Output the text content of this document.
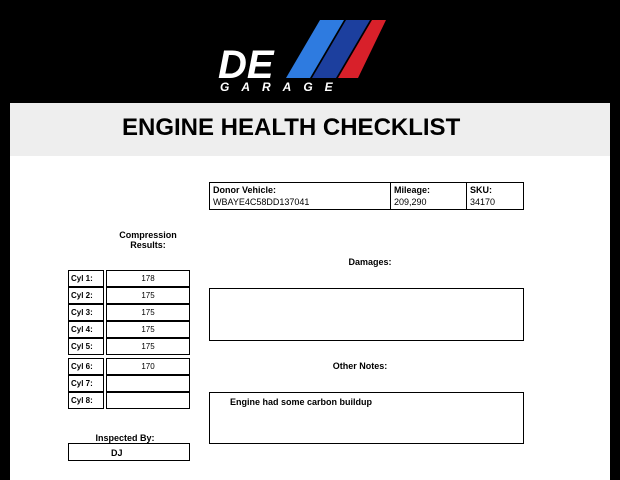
DE
GARAGE
ENGINE HEALTH CHECKLIST
Donor Vehicle:
WBAYE4C58DD137041
Mileage:
209,290
SKU:
34170
Compression Results:
Cyl 1:	178
Cyl 2:	175
Cyl 3:	175
Cyl 4:	175
Cyl 5:	175
Cyl 6:	170
Cyl 7:
Cyl 8:
Damages:
Other Notes:
Engine had some carbon buildup
Inspected By:
DJ
